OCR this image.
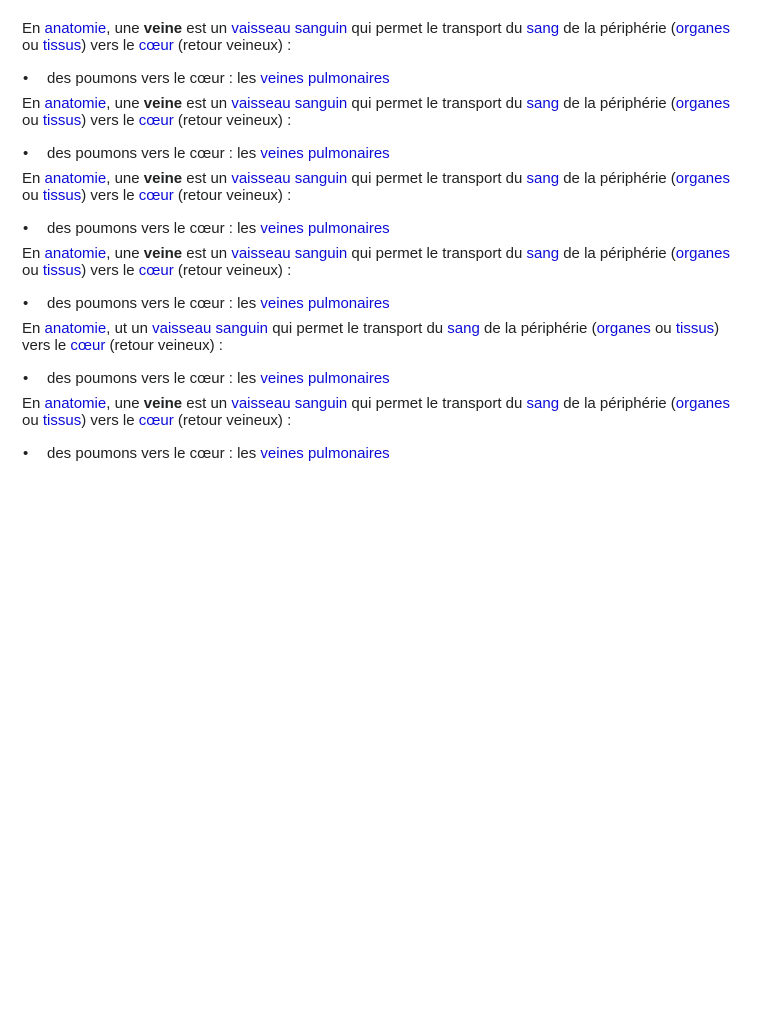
En anatomie, une veine est un vaisseau sanguin qui permet le transport du sang de la périphérie (organes ou tissus) vers le cœur (retour veineux) :

• des poumons vers le cœur : les veines pulmonaires

En anatomie, une veine est un vaisseau sanguin qui permet le transport du sang de la périphérie (organes ou tissus) vers le cœur (retour veineux) :

• des poumons vers le cœur : les veines pulmonaires

En anatomie, une veine est un vaisseau sanguin qui permet le transport du sang de la périphérie (organes ou tissus) vers le cœur (retour veineux) :

• des poumons vers le cœur : les veines pulmonaires

En anatomie, une veine est un vaisseau sanguin qui permet le transport du sang de la périphérie (organes ou tissus) vers le cœur (retour veineux) :

• des poumons vers le cœur : les veines pulmonaires

En anatomie, ut un vaisseau sanguin qui permet le transport du sang de la périphérie (organes ou tissus) vers le cœur (retour veineux) :

• des poumons vers le cœur : les veines pulmonaires

En anatomie, une veine est un vaisseau sanguin qui permet le transport du sang de la périphérie (organes ou tissus) vers le cœur (retour veineux) :

• des poumons vers le cœur : les veines pulmonaires
